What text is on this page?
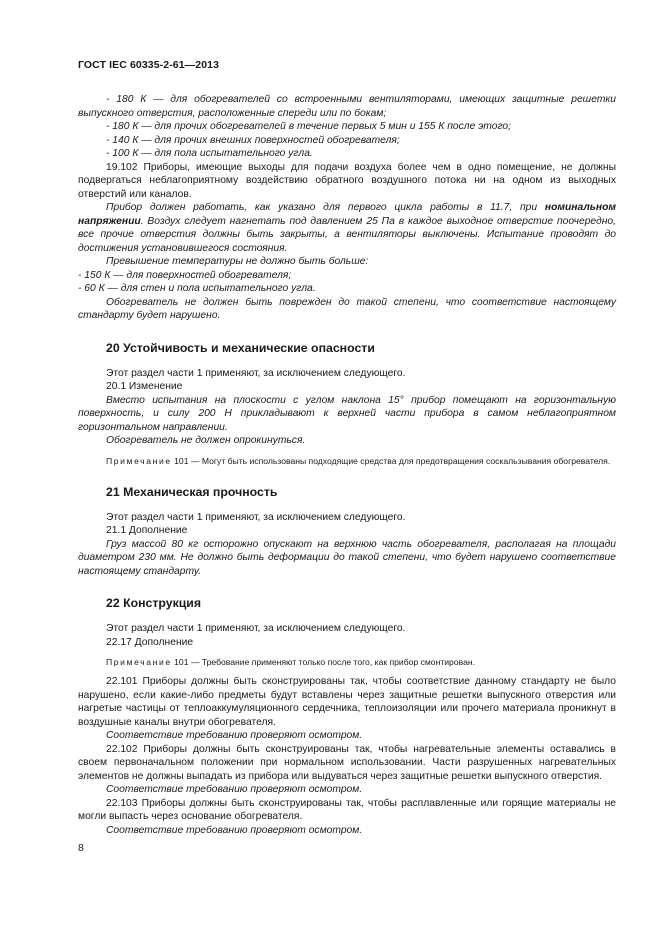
ГОСТ IEC 60335-2-61—2013

- 180 К — для обогревателей со встроенными вентиляторами, имеющих защитные решетки выпускного отверстия, расположенные спереди или по бокам;

- 180 К — для прочих обогревателей в течение первых 5 мин и 155 К после этого;

- 140 К — для прочих внешних поверхностей обогревателя;

- 100 К — для пола испытательного угла.

19.102 Приборы, имеющие выходы для подачи воздуха более чем в одно помещение, не должны подвергаться неблагоприятному воздействию обратного воздушного потока ни на одном из выходных отверстий или каналов.

Прибор должен работать, как указано для первого цикла работы в 11.7, при номинальном напряжении. Воздух следует нагнетать под давлением 25 Па в каждое выходное отверстие поочередно, все прочие отверстия должны быть закрыты, а вентиляторы выключены. Испытание проводят до достижения установившегося состояния.

Превышение температуры не должно быть больше:

- 150 К — для поверхностей обогревателя;

- 60 К — для стен и пола испытательного угла.

Обогреватель не должен быть поврежден до такой степени, что соответствие настоящему стандарту будет нарушено.

20 Устойчивость и механические опасности

Этот раздел части 1 применяют, за исключением следующего.

20.1 Изменение

Вместо испытания на плоскости с углом наклона 15° прибор помещают на горизонтальную поверхность, и силу 200 Н прикладывают к верхней части прибора в самом неблагоприятном горизонтальном направлении.

Обогреватель не должен опрокинуться.

Примечание 101 — Могут быть использованы подходящие средства для предотвращения соскальзывания обогревателя.

21 Механическая прочность

Этот раздел части 1 применяют, за исключением следующего.

21.1 Дополнение

Груз массой 80 кг осторожно опускают на верхнюю часть обогревателя, располагая на площади диаметром 230 мм. Не должно быть деформации до такой степени, что будет нарушено соответствие настоящему стандарту.

22 Конструкция

Этот раздел части 1 применяют, за исключением следующего.

22.17 Дополнение

Примечание 101 — Требование применяют только после того, как прибор смонтирован.

22.101 Приборы должны быть сконструированы так, чтобы соответствие данному стандарту не было нарушено, если какие-либо предметы будут вставлены через защитные решетки выпускного отверстия или нагретые частицы от теплоаккумуляционного сердечника, теплоизоляции или прочего материала проникнут в воздушные каналы внутри обогревателя.

Соответствие требованию проверяют осмотром.

22.102 Приборы должны быть сконструированы так, чтобы нагревательные элементы оставались в своем первоначальном положении при нормальном использовании. Части разрушенных нагревательных элементов не должны выпадать из прибора или выдуваться через защитные решетки выпускного отверстия.

Соответствие требованию проверяют осмотром.

22.103 Приборы должны быть сконструированы так, чтобы расплавленные или горящие материалы не могли выпасть через основание обогревателя.

Соответствие требованию проверяют осмотром.

8
